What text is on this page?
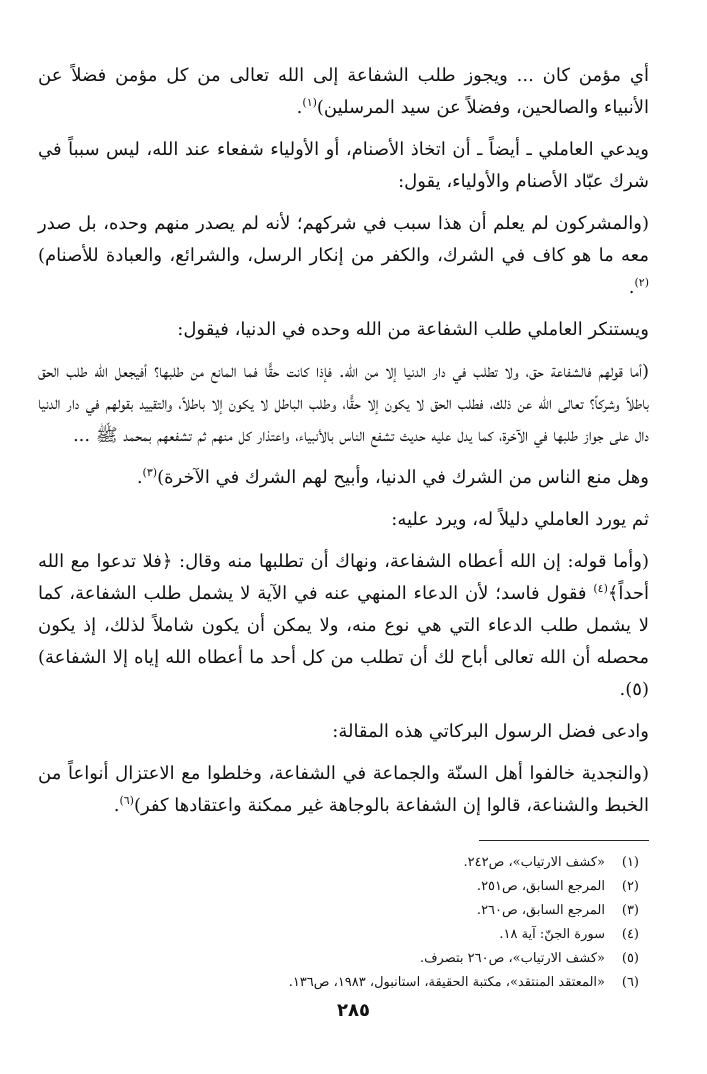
أي مؤمن كان ... ويجوز طلب الشفاعة إلى الله تعالى من كل مؤمن فضلاً عن الأنبياء والصالحين، وفضلاً عن سيد المرسلين)$^{(١)}$.

ويدعي العاملي ـ أيضاً ـ أن اتخاذ الأصنام، أو الأولياء شفعاء عند الله، ليس سبباً في شرك عبّاد الأصنام والأولياء، يقول:

(والمشركون لم يعلم أن هذا سبب في شركهم؛ لأنه لم يصدر منهم وحده، بل صدر معه ما هو كاف في الشرك، والكفر من إنكار الرسل، والشرائع، والعبادة للأصنام)$^{(٢)}$.

ويستنكر العاملي طلب الشفاعة من الله وحده في الدنيا، فيقول:

(أما قولهم فالشفاعة حق، ولا تطلب في دار الدنيا إلا من الله. فإذا كانت حقًّا فما المانع من طلبها؟ أفيجعل الله طلب الحق باطلاً وشركاً؟ تعالى الله عن ذلك، فطلب الحق لا يكون إلا حقًّا، وطلب الباطل لا يكون إلا باطلاً، والتقييد بقولهم في دار الدنيا دال على جواز طلبها في الآخرة، كما يدل عليه حديث تشفع الناس بالأنبياء، واعتذار كل منهم ثم تشفعهم بمحمد ﷺ ...

وهل منع الناس من الشرك في الدنيا، وأبيح لهم الشرك في الآخرة)$^{(٣)}$.

ثم يورد العاملي دليلاً له، ويرد عليه:

(وأما قوله: إن الله أعطاه الشفاعة، ونهاك أن تطلبها منه وقال: ﴿فلا تدعوا مع الله أحداً﴾$^{(٤)}$ فقول فاسد؛ لأن الدعاء المنهي عنه في الآية لا يشمل طلب الشفاعة، كما لا يشمل طلب الدعاء التي هي نوع منه، ولا يمكن أن يكون شاملاً لذلك، إذ يكون محصله أن الله تعالى أباح لك أن تطلب من كل أحد ما أعطاه الله إياه إلا الشفاعة)(٥).

وادعى فضل الرسول البركاتي هذه المقالة:

(والنجدية خالفوا أهل السنّة والجماعة في الشفاعة، وخلطوا مع الاعتزال أنواعاً من الخبط والشناعة، قالوا إن الشفاعة بالوجاهة غير ممكنة واعتقادها كفر)$^{(٦)}$.

(١)
«كشف الارتياب»، ص٢٤٢.
(٢)
المرجع السابق، ص٢٥١.
(٣)
المرجع السابق، ص٢٦٠.
(٤)
سورة الجنّ: آية ١٨.
(٥)
«كشف الارتياب»، ص٢٦٠ بتصرف.
(٦)
«المعتقد المنتقد»، مكتبة الحقيقة، استانبول، ١٩٨٣، ص١٣٦.
٢٨٥
